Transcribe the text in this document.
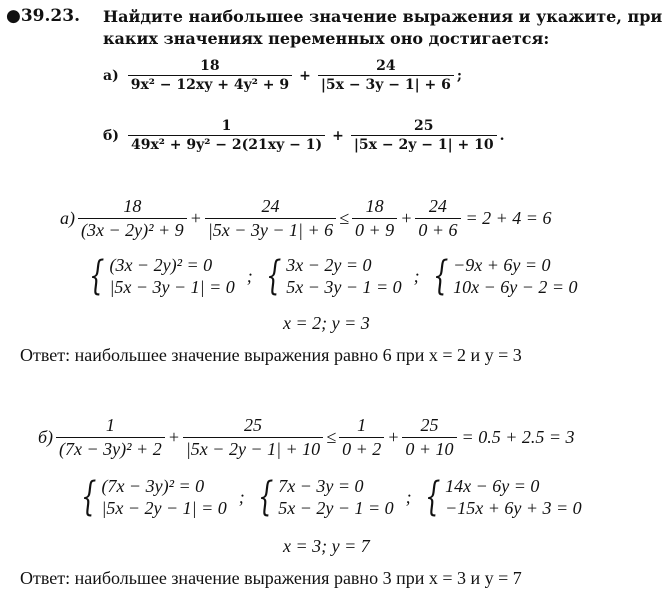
●39.23. Найдите наибольшее значение выражения и укажите, при
каких значениях переменных оно достигается:
$а) \frac{18}{\text{9x² − 12xy + 4y² + 9}} + \frac{24}{|5x - 3y - 1| + 6}$ ;
$б) \frac{1}{\text{49x² + 9y² − 2(21xy − 1)}} + \frac{25}{|5x - 2y - 1| + 10}$ .
$а) \frac{18}{\text{(3x − 2y)² + 9}} + \frac{24}{|5x - 3y - 1| + 6} \le \frac{18}{0 + 9} + \frac{24}{0 + 6} = 2 + 4 = 6$
{ (3x − 2y)² = 0
|5x − 3y − 1| = 0
; { 3x − 2y = 0
5x − 3y − 1 = 0
; { −9x + 6y = 0
10x − 6y − 2 = 0
x = 2; y = 3
Ответ: наибольшее значение выражения равно 6 при x = 2 и y = 3
$б) \frac{1}{\text{(7x − 3y)² + 2}} + \frac{25}{|5x - 2y - 1| + 10} \le \frac{1}{0 + 2} + \frac{25}{0 + 10} = 0.5 + 2.5 = 3$
{ (7x − 3y)² = 0
|5x − 2y − 1| = 0
; { 7x − 3y = 0
5x − 2y − 1 = 0
; { 14x − 6y = 0
−15x + 6y + 3 = 0
x = 3; y = 7
Ответ: наибольшее значение выражения равно 3 при x = 3 и y = 7
